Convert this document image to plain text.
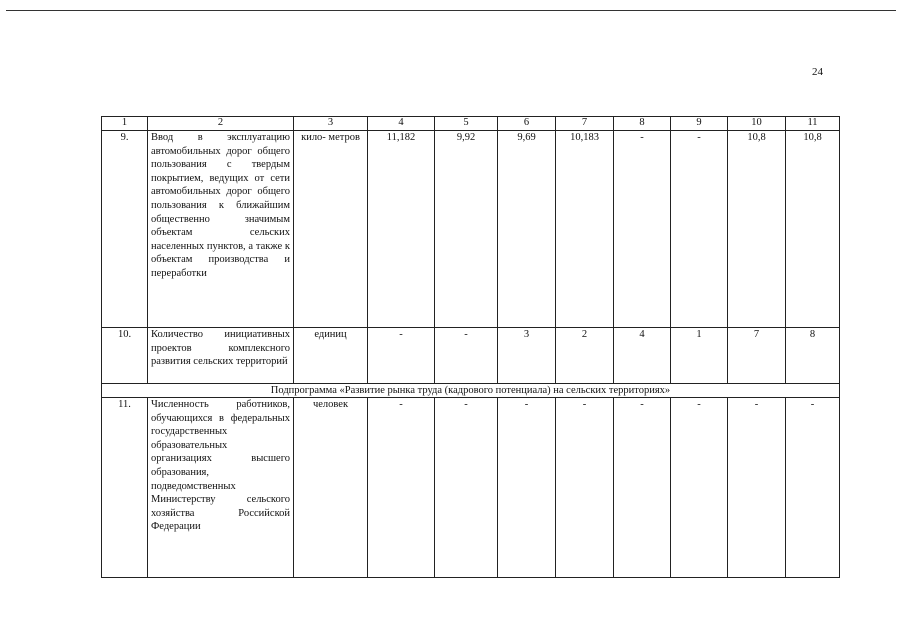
24
1	2	3	4	5	6	7	8	9	10	11
9.	Ввод в эксплуатацию автомобильных дорог общего пользования с твердым покрытием, ведущих от сети автомобильных дорог общего пользования к ближайшим общественно значимым объектам сельских населенных пунктов, а также к объектам производства и переработки	кило- метров	11,182	9,92	9,69	10,183	-	-	10,8	10,8
10.	Количество инициативных проектов комплексного развития сельских территорий	единиц	-	-	3	2	4	1	7	8
Подпрограмма «Развитие рынка труда (кадрового потенциала) на сельских территориях»										
11.	Численность работников, обучающихся в федеральных государственных образовательных организациях высшего образования, подведомственных Министерству сельского хозяйства Российской Федерации	человек	-	-	-	-	-	-	-	-
